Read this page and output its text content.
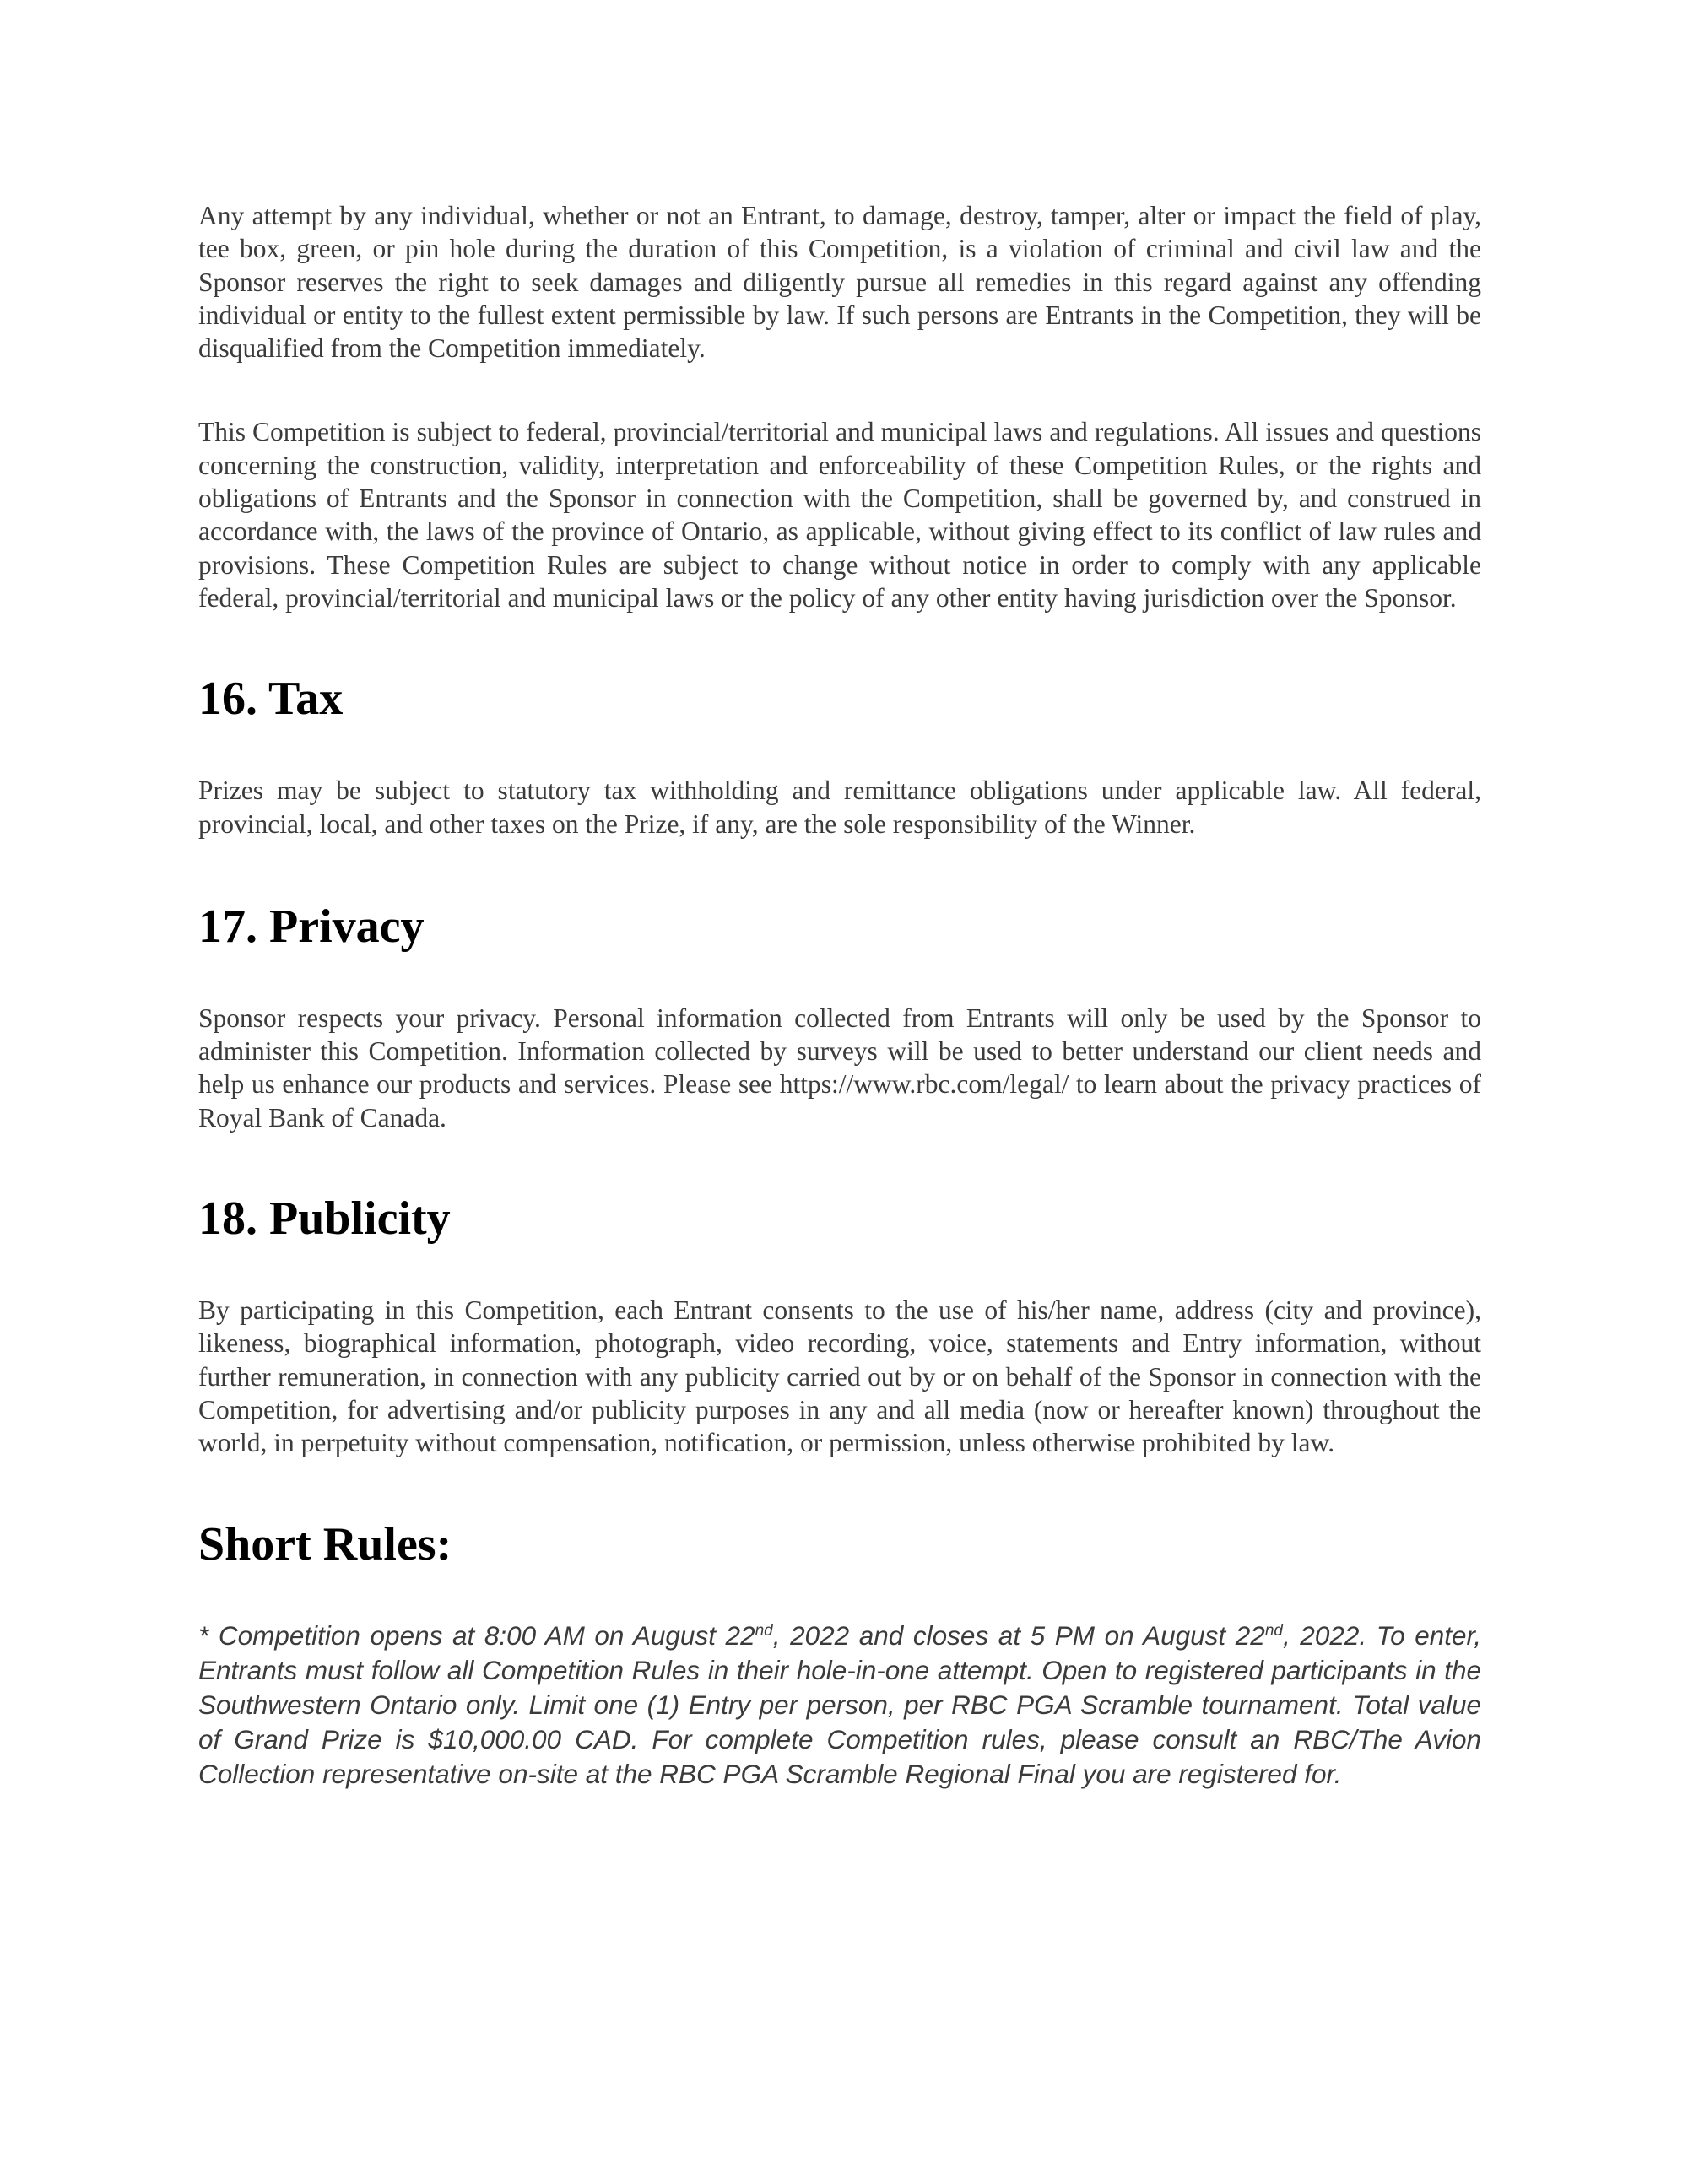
Any attempt by any individual, whether or not an Entrant, to damage, destroy, tamper, alter or impact the field of play, tee box, green, or pin hole during the duration of this Competition, is a violation of criminal and civil law and the Sponsor reserves the right to seek damages and diligently pursue all remedies in this regard against any offending individual or entity to the fullest extent permissible by law. If such persons are Entrants in the Competition, they will be disqualified from the Competition immediately.

This Competition is subject to federal, provincial/territorial and municipal laws and regulations. All issues and questions concerning the construction, validity, interpretation and enforceability of these Competition Rules, or the rights and obligations of Entrants and the Sponsor in connection with the Competition, shall be governed by, and construed in accordance with, the laws of the province of Ontario, as applicable, without giving effect to its conflict of law rules and provisions. These Competition Rules are subject to change without notice in order to comply with any applicable federal, provincial/territorial and municipal laws or the policy of any other entity having jurisdiction over the Sponsor.

16. Tax

Prizes may be subject to statutory tax withholding and remittance obligations under applicable law. All federal, provincial, local, and other taxes on the Prize, if any, are the sole responsibility of the Winner.

17. Privacy

Sponsor respects your privacy. Personal information collected from Entrants will only be used by the Sponsor to administer this Competition. Information collected by surveys will be used to better understand our client needs and help us enhance our products and services. Please see https://www.rbc.com/legal/ to learn about the privacy practices of Royal Bank of Canada.

18. Publicity

By participating in this Competition, each Entrant consents to the use of his/her name, address (city and province), likeness, biographical information, photograph, video recording, voice, statements and Entry information, without further remuneration, in connection with any publicity carried out by or on behalf of the Sponsor in connection with the Competition, for advertising and/or publicity purposes in any and all media (now or hereafter known) throughout the world, in perpetuity without compensation, notification, or permission, unless otherwise prohibited by law.

Short Rules:

* Competition opens at 8:00 AM on August 22nd, 2022 and closes at 5 PM on August 22nd, 2022. To enter, Entrants must follow all Competition Rules in their hole-in-one attempt. Open to registered participants in the Southwestern Ontario only. Limit one (1) Entry per person, per RBC PGA Scramble tournament. Total value of Grand Prize is $10,000.00 CAD. For complete Competition rules, please consult an RBC/The Avion Collection representative on-site at the RBC PGA Scramble Regional Final you are registered for.
